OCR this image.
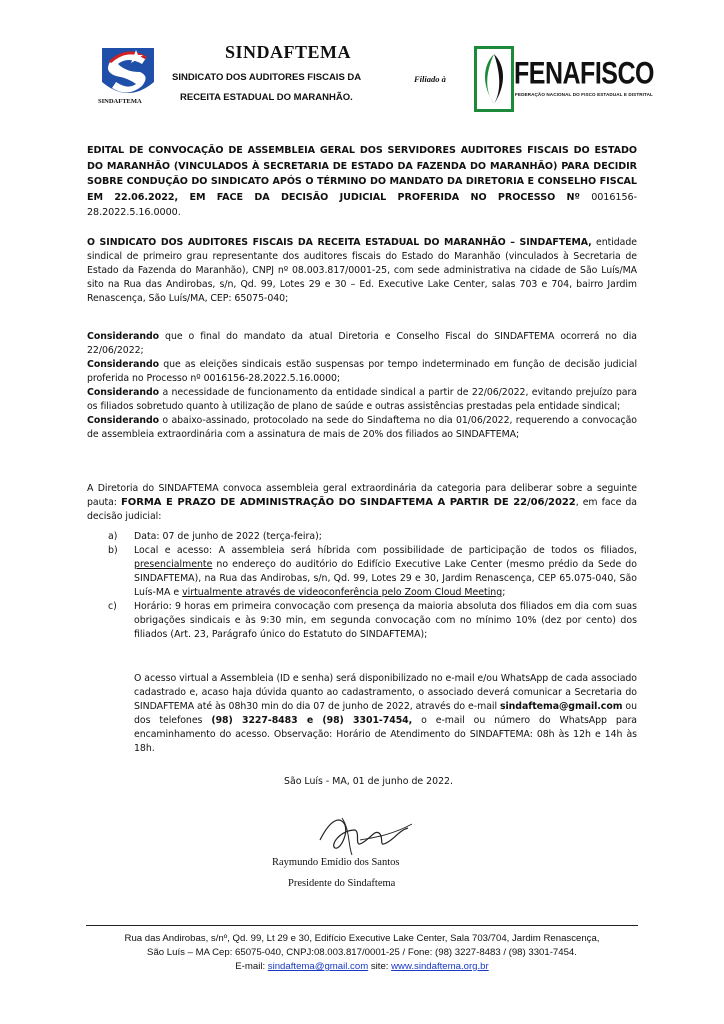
SINDAFTEMA
SINDAFTEMA
SINDICATO DOS AUDITORES FISCAIS DA
RECEITA ESTADUAL DO MARANHÃO.
Filiado à	FENAFISCO
FEDERAÇÃO NACIONAL DO FISCO ESTADUAL E DISTRITAL
EDITAL DE CONVOCAÇÃO DE ASSEMBLEIA GERAL DOS SERVIDORES AUDITORES FISCAIS DO ESTADO DO MARANHÃO (VINCULADOS À SECRETARIA DE ESTADO DA FAZENDA DO MARANHÃO) PARA DECIDIR SOBRE CONDUÇÃO DO SINDICATO APÓS O TÉRMINO DO MANDATO DA DIRETORIA E CONSELHO FISCAL EM 22.06.2022, EM FACE DA DECISÃO JUDICIAL PROFERIDA NO PROCESSO Nº 0016156-28.2022.5.16.0000.
O SINDICATO DOS AUDITORES FISCAIS DA RECEITA ESTADUAL DO MARANHÃO – SINDAFTEMA, entidade sindical de primeiro grau representante dos auditores fiscais do Estado do Maranhão (vinculados à Secretaria de Estado da Fazenda do Maranhão), CNPJ nº 08.003.817/0001-25, com sede administrativa na cidade de São Luís/MA sito na Rua das Andirobas, s/n, Qd. 99, Lotes 29 e 30 – Ed. Executive Lake Center, salas 703 e 704, bairro Jardim Renascença, São Luís/MA, CEP: 65075-040;

Considerando que o final do mandato da atual Diretoria e Conselho Fiscal do SINDAFTEMA ocorrerá no dia 22/06/2022;

Considerando que as eleições sindicais estão suspensas por tempo indeterminado em função de decisão judicial proferida no Processo nº 0016156-28.2022.5.16.0000;

Considerando a necessidade de funcionamento da entidade sindical a partir de 22/06/2022, evitando prejuízo para os filiados sobretudo quanto à utilização de plano de saúde e outras assistências prestadas pela entidade sindical;

Considerando o abaixo-assinado, protocolado na sede do Sindaftema no dia 01/06/2022, requerendo a convocação de assembleia extraordinária com a assinatura de mais de 20% dos filiados ao SINDAFTEMA;

A Diretoria do SINDAFTEMA convoca assembleia geral extraordinária da categoria para deliberar sobre a seguinte pauta: FORMA E PRAZO DE ADMINISTRAÇÃO DO SINDAFTEMA A PARTIR DE 22/06/2022, em face da decisão judicial:

a) Data: 07 de junho de 2022 (terça-feira);

b) Local e acesso: A assembleia será híbrida com possibilidade de participação de todos os filiados, presencialmente no endereço do auditório do Edifício Executive Lake Center (mesmo prédio da Sede do SINDAFTEMA), na Rua das Andirobas, s/n, Qd. 99, Lotes 29 e 30, Jardim Renascença, CEP 65.075-040, São Luís-MA e virtualmente através de videoconferência pelo Zoom Cloud Meeting;

c) Horário: 9 horas em primeira convocação com presença da maioria absoluta dos filiados em dia com suas obrigações sindicais e às 9:30 min, em segunda convocação com no mínimo 10% (dez por cento) dos filiados (Art. 23, Parágrafo único do Estatuto do SINDAFTEMA);

O acesso virtual a Assembleia (ID e senha) será disponibilizado no e-mail e/ou WhatsApp de cada associado cadastrado e, acaso haja dúvida quanto ao cadastramento, o associado deverá comunicar a Secretaria do SINDAFTEMA até às 08h30 min do dia 07 de junho de 2022, através do e-mail sindaftema@gmail.com ou dos telefones (98) 3227-8483 e (98) 3301-7454, o e-mail ou número do WhatsApp para encaminhamento do acesso. Observação: Horário de Atendimento do SINDAFTEMA: 08h às 12h e 14h às 18h.
São Luís - MA, 01 de junho de 2022.
Raymundo Emídio dos Santos
Presidente do Sindaftema
Rua das Andirobas, s/nº, Qd. 99, Lt 29 e 30, Edifício Executive Lake Center, Sala 703/704, Jardim Renascença,
São Luís – MA Cep: 65075-040, CNPJ:08.003.817/0001-25 / Fone: (98) 3227-8483 / (98) 3301-7454.
E-mail: sindaftema@gmail.com site: www.sindaftema.org.br
